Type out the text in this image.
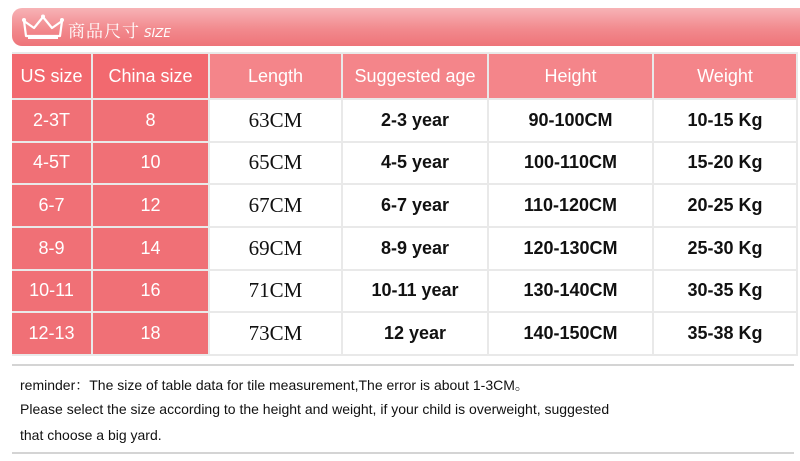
商品尺寸 SIZE
US size	China size	Length	Suggested age	Height	Weight
2-3T	8	63CM	2-3 year	90-100CM	10-15 Kg
4-5T	10	65CM	4-5 year	100-110CM	15-20 Kg
6-7	12	67CM	6-7 year	110-120CM	20-25 Kg
8-9	14	69CM	8-9 year	120-130CM	25-30 Kg
10-11	16	71CM	10-11 year	130-140CM	30-35 Kg
12-13	18	73CM	12 year	140-150CM	35-38 Kg
reminder：The size of table data for tile measurement,The error is about 1-3CM。
Please select the size according to the height and weight, if your child is overweight, suggested
that choose a big yard.
